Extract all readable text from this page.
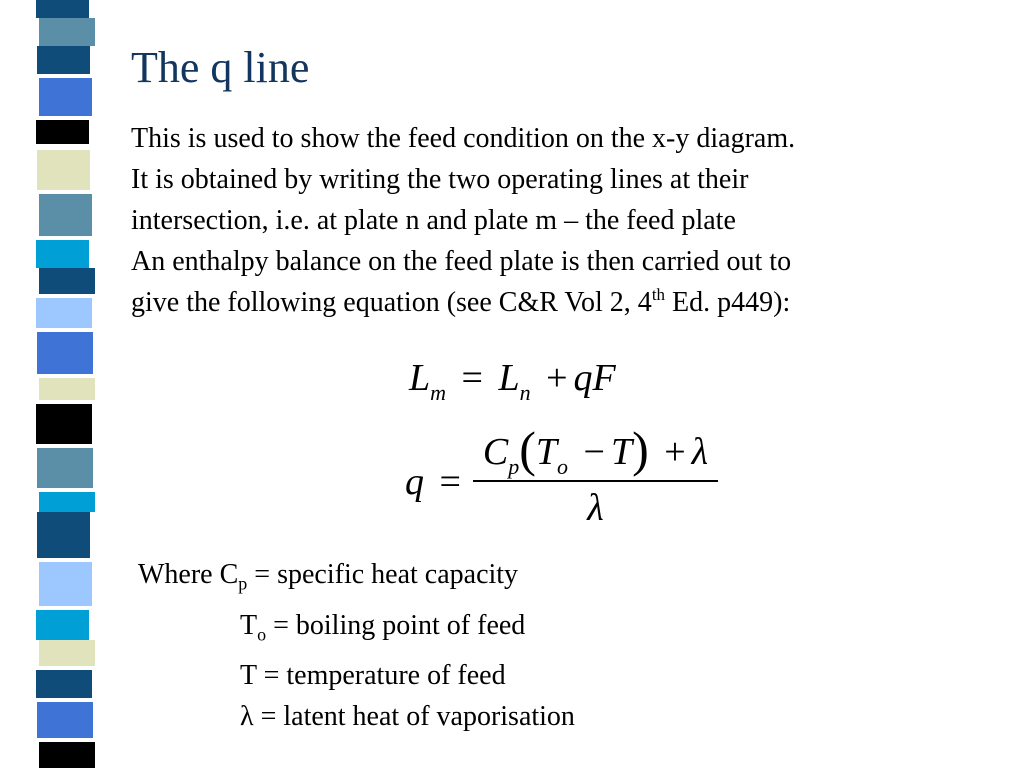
The q line
This is used to show the feed condition on the x-y diagram.
It is obtained by writing the two operating lines at their
intersection, i.e. at plate n and plate m – the feed plate
An enthalpy balance on the feed plate is then carried out to
give the following equation (see C&R Vol 2, 4th Ed. p449):
$L_m = L_n$ + qF
q =
$C_p(T_o - T) + \lambda$
λ
Where $C_p$ = specific heat capacity
$T_o$ = boiling point of feed
T = temperature of feed
λ = latent heat of vaporisation
